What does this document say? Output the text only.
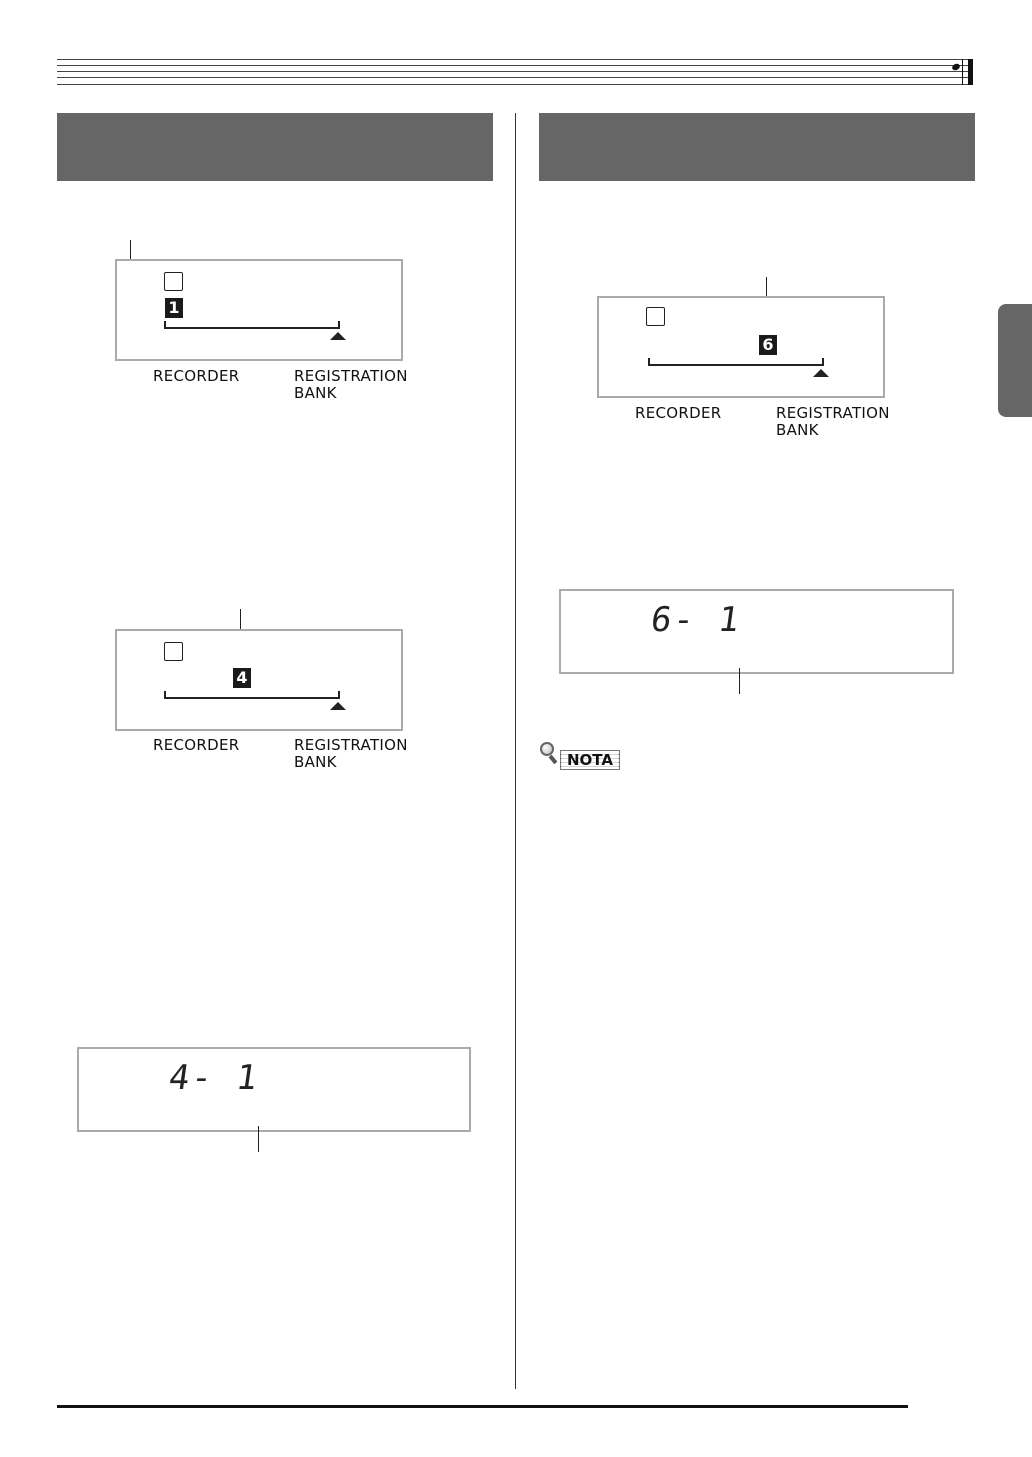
1
RECORDER	REGISTRATION
BANK
4
RECORDER	REGISTRATION
BANK
6
RECORDER	REGISTRATION
BANK
4- 1
6- 1
NOTA
